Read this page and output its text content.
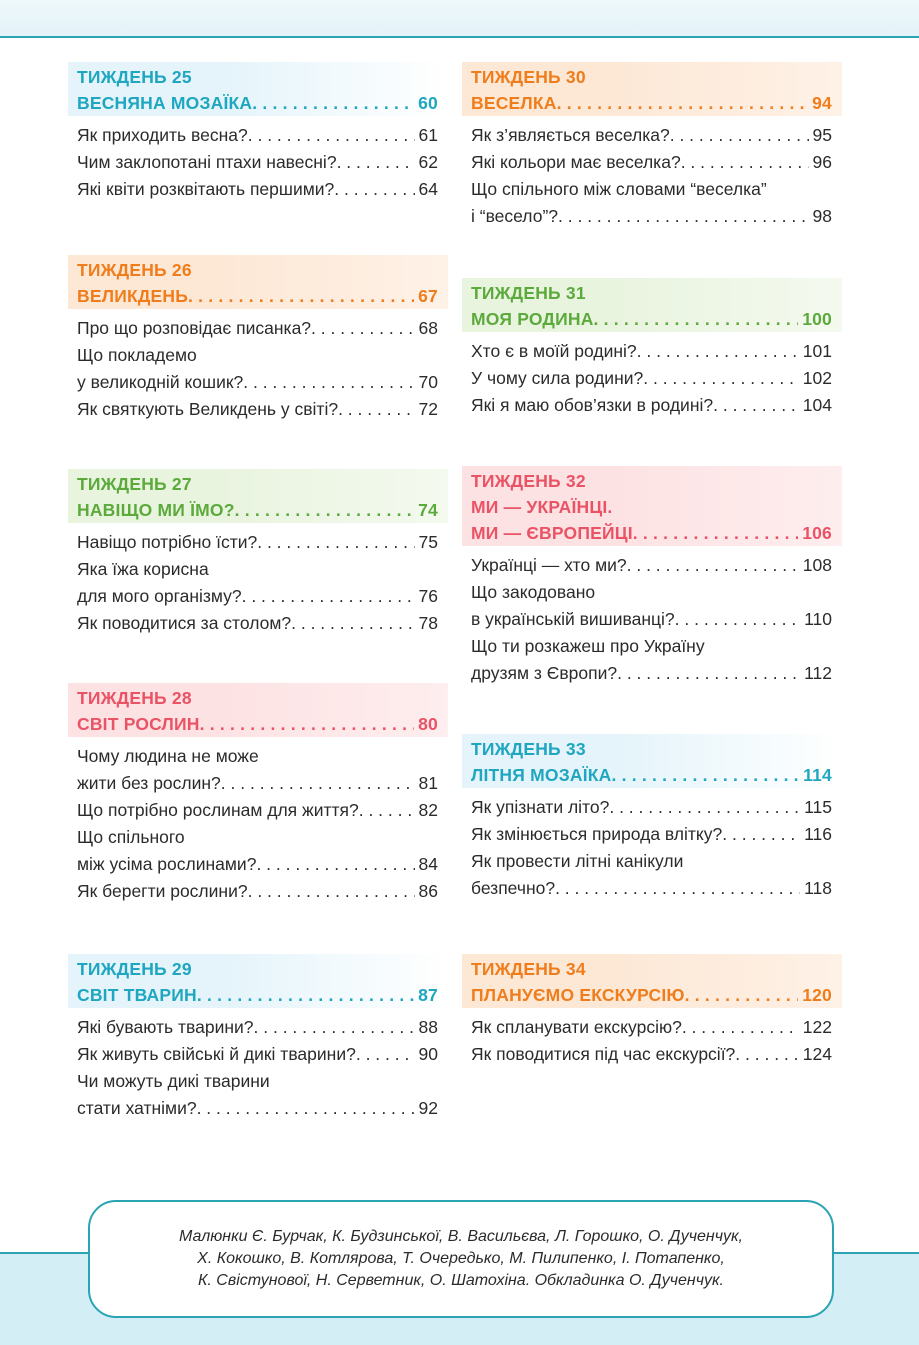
ТИЖДЕНЬ 25
ВЕСНЯНА МОЗАЇКА . . .	60
Як приходить весна? . . .	61
Чим заклопотані птахи навесні? . . .	62
Які квіти розквітають першими? . . .	64
ТИЖДЕНЬ 26
ВЕЛИКДЕНЬ . . .	67
Про що розповідає писанка? . . .	68
Що покладемо
у великодній кошик? . . .	70
Як святкують Великдень у світі? . . .	72
ТИЖДЕНЬ 27
НАВІЩО МИ ЇМО? . . .	74
Навіщо потрібно їсти? . . .	75
Яка їжа корисна
для мого організму? . . .	76
Як поводитися за столом? . . .	78
ТИЖДЕНЬ 28
СВІТ РОСЛИН . . .	80
Чому людина не може
жити без рослин? . . .	81
Що потрібно рослинам для життя? . . .	82
Що спільного
між усіма рослинами? . . .	84
Як берегти рослини? . . .	86
ТИЖДЕНЬ 29
СВІТ ТВАРИН . . .	87
Які бувають тварини? . . .	88
Як живуть свійські й дикі тварини? . . .	90
Чи можуть дикі тварини
стати хатніми? . . .	92
ТИЖДЕНЬ 30
ВЕСЕЛКА . . .	94
Як з’являється веселка? . . .	95
Які кольори має веселка? . . .	96
Що спільного між словами “веселка”
і “весело”? . . .	98
ТИЖДЕНЬ 31
МОЯ РОДИНА . . .	100
Хто є в моїй родині? . . .	101
У чому сила родини? . . .	102
Які я маю обов’язки в родині? . . .	104
ТИЖДЕНЬ 32
МИ — УКРАЇНЦІ.
МИ — ЄВРОПЕЙЦІ . . .	106
Українці — хто ми? . . .	108
Що закодовано
в українській вишиванці? . . .	110
Що ти розкажеш про Україну
друзям з Європи? . . .	112
ТИЖДЕНЬ 33
ЛІТНЯ МОЗАЇКА . . .	114
Як упізнати літо? . . .	115
Як змінюється природа влітку? . . .	116
Як провести літні канікули
безпечно? . . .	118
ТИЖДЕНЬ 34
ПЛАНУЄМО ЕКСКУРСІЮ . . .	120
Як спланувати екскурсію? . . .	122
Як поводитися під час екскурсії? . . .	124
Малюнки Є. Бурчак, К. Будзинської, В. Васильєва, Л. Горошко, О. Дученчук,
Х. Кокошко, В. Котлярова, Т. Очередько, М. Пилипенко, І. Потапенко,
К. Свістунової, Н. Серветник, О. Шатохіна. Обкладинка О. Дученчук.
